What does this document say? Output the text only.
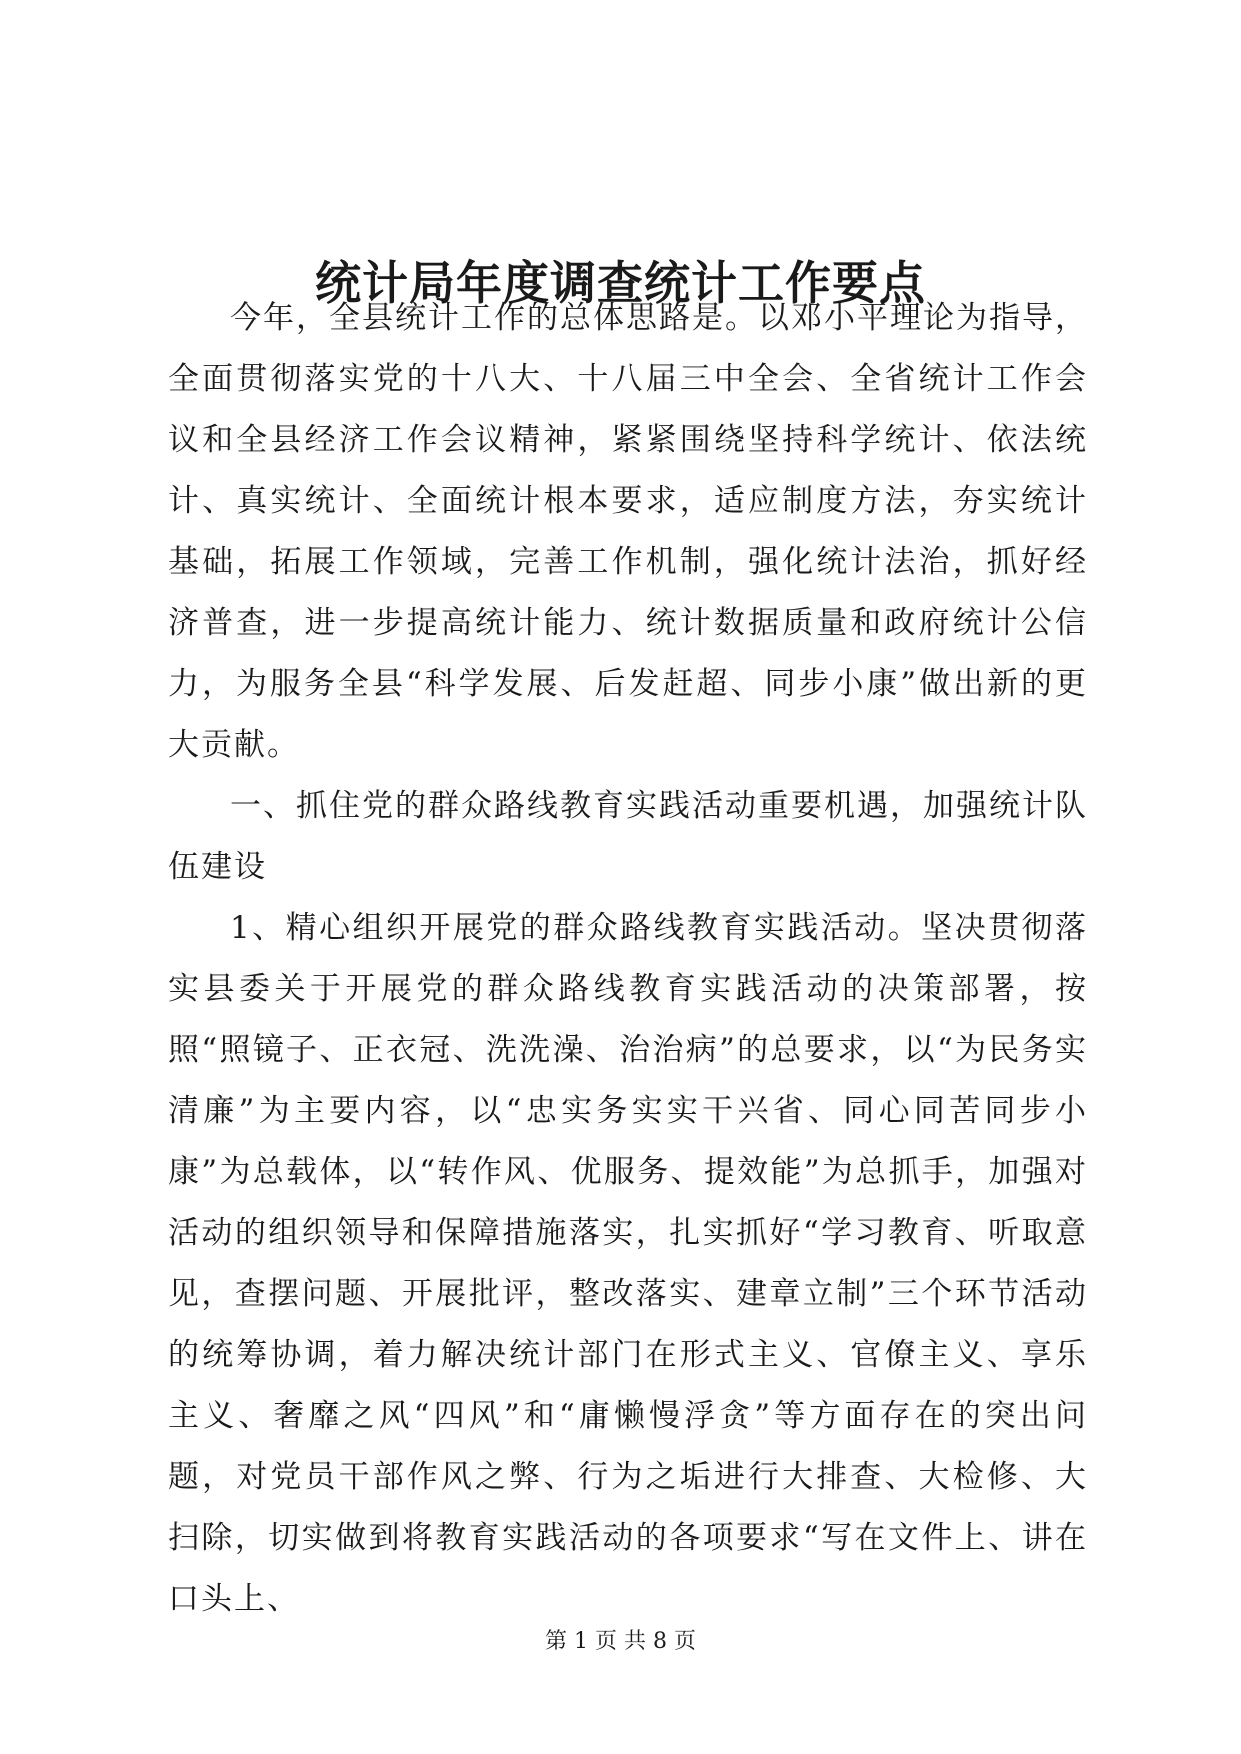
统计局年度调查统计工作要点

今年，全县统计工作的总体思路是。以邓小平理论为指导，全面贯彻落实党的十八大、十八届三中全会、全省统计工作会议和全县经济工作会议精神，紧紧围绕坚持科学统计、依法统计、真实统计、全面统计根本要求，适应制度方法，夯实统计基础，拓展工作领域，完善工作机制，强化统计法治，抓好经济普查，进一步提高统计能力、统计数据质量和政府统计公信力，为服务全县“科学发展、后发赶超、同步小康”做出新的更大贡献。

一、抓住党的群众路线教育实践活动重要机遇，加强统计队伍建设

1、精心组织开展党的群众路线教育实践活动。坚决贯彻落实县委关于开展党的群众路线教育实践活动的决策部署，按照“照镜子、正衣冠、洗洗澡、治治病”的总要求，以“为民务实清廉”为主要内容，以“忠实务实实干兴省、同心同苦同步小康”为总载体，以“转作风、优服务、提效能”为总抓手，加强对活动的组织领导和保障措施落实，扎实抓好“学习教育、听取意见，查摆问题、开展批评，整改落实、建章立制”三个环节活动的统筹协调，着力解决统计部门在形式主义、官僚主义、享乐主义、奢靡之风“四风”和“庸懒慢浮贪”等方面存在的突出问题，对党员干部作风之弊、行为之垢进行大排查、大检修、大扫除，切实做到将教育实践活动的各项要求“写在文件上、讲在口头上、

第 1 页 共 8 页
